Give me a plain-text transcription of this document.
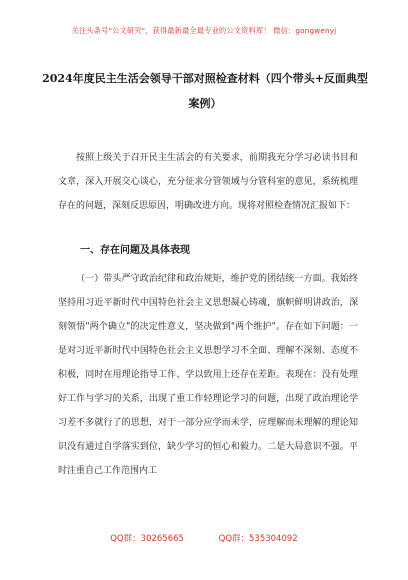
关注头条号"公文研究"，获得最新最全最专业的公文资料库！ 微信：gongwenyj
2024年度民主生活会领导干部对照检查材料（四个带头+反面典型案例）
按照上级关于召开民主生活会的有关要求，前期我充分学习必读书目和文章，深入开展交心谈心，充分征求分管领域与分管科室的意见，系统梳理存在的问题，深刻反思原因，明确改进方向。现将对照检查情况汇报如下：
一、存在问题及具体表现
（一）带头严守政治纪律和政治规矩，维护党的团结统一方面。我始终坚持用习近平新时代中国特色社会主义思想凝心铸魂，旗帜鲜明讲政治，深刻领悟"两个确立"的决定性意义，坚决做到"两个维护"。存在如下问题：一是对习近平新时代中国特色社会主义思想学习不全面、理解不深刻、态度不积极，同时在用理论指导工作、学以致用上还存在差距。表现在：没有处理好工作与学习的关系，出现了重工作轻理论学习的问题，出现了政治理论学习差不多就行了的思想，对于一部分应学而未学，应理解而未理解的理论知识没有通过自学落实到位，缺少学习的恒心和毅力。二是大局意识不强。平时注重自己工作范围内工
QQ群：30265665	QQ群：535304092
